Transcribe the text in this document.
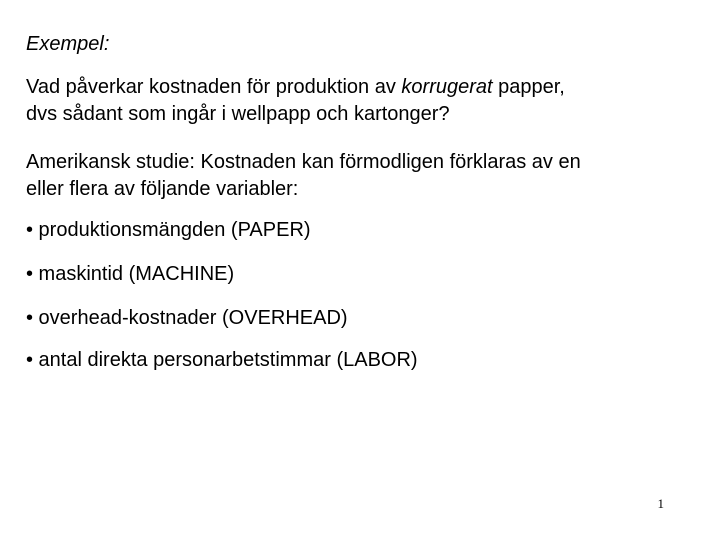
Exempel:
Vad påverkar kostnaden för produktion av korrugerat papper,
dvs sådant som ingår i wellpapp och kartonger?
Amerikansk studie: Kostnaden kan förmodligen förklaras av en
eller flera av följande variabler:
• produktionsmängden (PAPER)
• maskintid (MACHINE)
• overhead-kostnader (OVERHEAD)
• antal direkta personarbetstimmar (LABOR)
1
